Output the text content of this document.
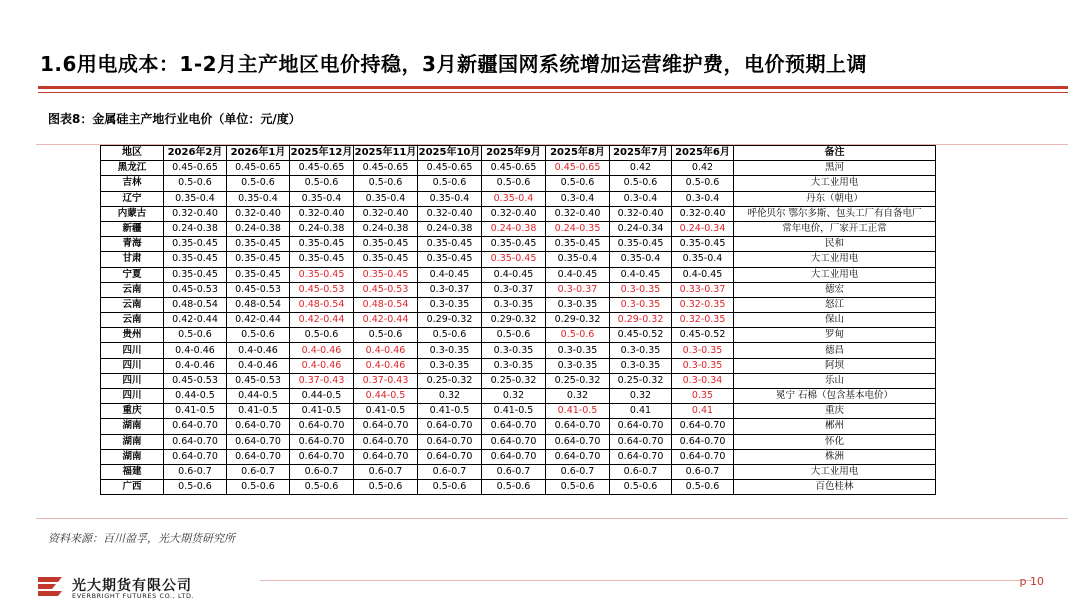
1.6用电成本：1-2月主产地区电价持稳，3月新疆国网系统增加运营维护费，电价预期上调
图表8：金属硅主产地行业电价（单位：元/度）
地区	2026年2月	2026年1月	2025年12月	2025年11月	2025年10月	2025年9月	2025年8月	2025年7月	2025年6月	备注
黑龙江	0.45-0.65	0.45-0.65	0.45-0.65	0.45-0.65	0.45-0.65	0.45-0.65	0.45-0.65	0.42	0.42	黑河
吉林	0.5-0.6	0.5-0.6	0.5-0.6	0.5-0.6	0.5-0.6	0.5-0.6	0.5-0.6	0.5-0.6	0.5-0.6	大工业用电
辽宁	0.35-0.4	0.35-0.4	0.35-0.4	0.35-0.4	0.35-0.4	0.35-0.4	0.3-0.4	0.3-0.4	0.3-0.4	丹东（朝电）
内蒙古	0.32-0.40	0.32-0.40	0.32-0.40	0.32-0.40	0.32-0.40	0.32-0.40	0.32-0.40	0.32-0.40	0.32-0.40	呼伦贝尔 鄂尔多斯、包头工厂有自备电厂
新疆	0.24-0.38	0.24-0.38	0.24-0.38	0.24-0.38	0.24-0.38	0.24-0.38	0.24-0.35	0.24-0.34	0.24-0.34	常年电价，厂家开工正常
青海	0.35-0.45	0.35-0.45	0.35-0.45	0.35-0.45	0.35-0.45	0.35-0.45	0.35-0.45	0.35-0.45	0.35-0.45	民和
甘肃	0.35-0.45	0.35-0.45	0.35-0.45	0.35-0.45	0.35-0.45	0.35-0.45	0.35-0.4	0.35-0.4	0.35-0.4	大工业用电
宁夏	0.35-0.45	0.35-0.45	0.35-0.45	0.35-0.45	0.4-0.45	0.4-0.45	0.4-0.45	0.4-0.45	0.4-0.45	大工业用电
云南	0.45-0.53	0.45-0.53	0.45-0.53	0.45-0.53	0.3-0.37	0.3-0.37	0.3-0.37	0.3-0.35	0.33-0.37	德宏
云南	0.48-0.54	0.48-0.54	0.48-0.54	0.48-0.54	0.3-0.35	0.3-0.35	0.3-0.35	0.3-0.35	0.32-0.35	怒江
云南	0.42-0.44	0.42-0.44	0.42-0.44	0.42-0.44	0.29-0.32	0.29-0.32	0.29-0.32	0.29-0.32	0.32-0.35	保山
贵州	0.5-0.6	0.5-0.6	0.5-0.6	0.5-0.6	0.5-0.6	0.5-0.6	0.5-0.6	0.45-0.52	0.45-0.52	罗甸
四川	0.4-0.46	0.4-0.46	0.4-0.46	0.4-0.46	0.3-0.35	0.3-0.35	0.3-0.35	0.3-0.35	0.3-0.35	德昌
四川	0.4-0.46	0.4-0.46	0.4-0.46	0.4-0.46	0.3-0.35	0.3-0.35	0.3-0.35	0.3-0.35	0.3-0.35	阿坝
四川	0.45-0.53	0.45-0.53	0.37-0.43	0.37-0.43	0.25-0.32	0.25-0.32	0.25-0.32	0.25-0.32	0.3-0.34	乐山
四川	0.44-0.5	0.44-0.5	0.44-0.5	0.44-0.5	0.32	0.32	0.32	0.32	0.35	冕宁 石棉（包含基本电价）
重庆	0.41-0.5	0.41-0.5	0.41-0.5	0.41-0.5	0.41-0.5	0.41-0.5	0.41-0.5	0.41	0.41	重庆
湖南	0.64-0.70	0.64-0.70	0.64-0.70	0.64-0.70	0.64-0.70	0.64-0.70	0.64-0.70	0.64-0.70	0.64-0.70	郴州
湖南	0.64-0.70	0.64-0.70	0.64-0.70	0.64-0.70	0.64-0.70	0.64-0.70	0.64-0.70	0.64-0.70	0.64-0.70	怀化
湖南	0.64-0.70	0.64-0.70	0.64-0.70	0.64-0.70	0.64-0.70	0.64-0.70	0.64-0.70	0.64-0.70	0.64-0.70	株洲
福建	0.6-0.7	0.6-0.7	0.6-0.7	0.6-0.7	0.6-0.7	0.6-0.7	0.6-0.7	0.6-0.7	0.6-0.7	大工业用电
广西	0.5-0.6	0.5-0.6	0.5-0.6	0.5-0.6	0.5-0.6	0.5-0.6	0.5-0.6	0.5-0.6	0.5-0.6	百色桂林
资料来源：百川盈孚，光大期货研究所
光大期货有限公司
EVERBRIGHT FUTURES CO., LTD.
p 10
